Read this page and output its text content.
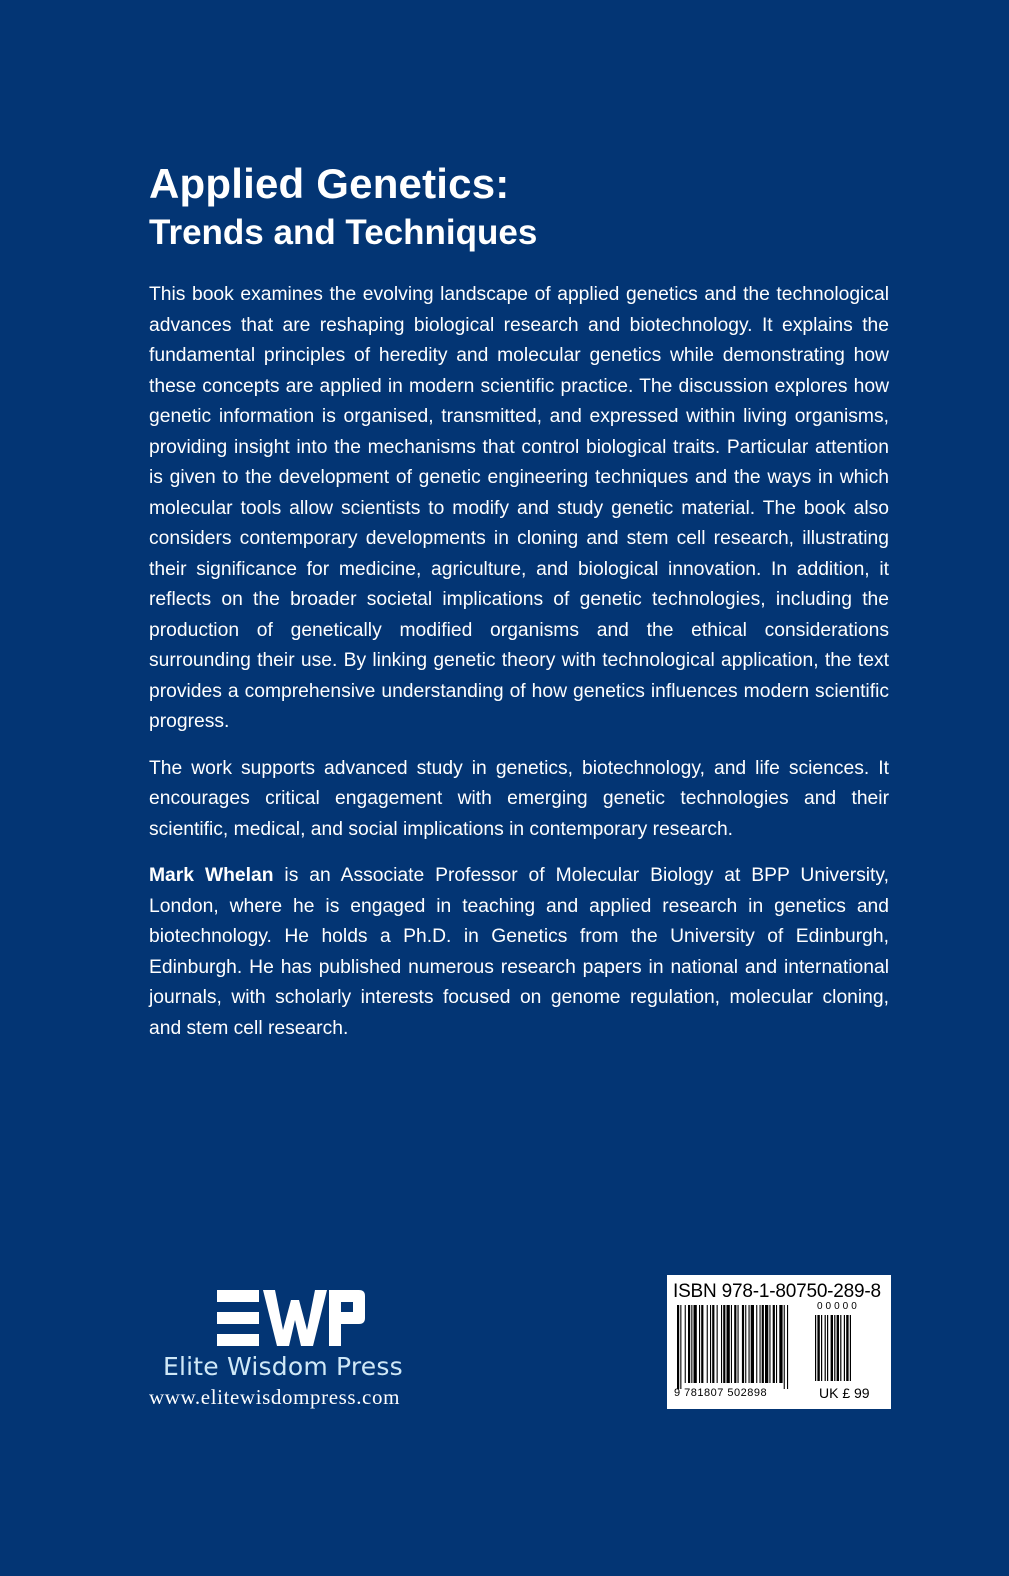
Applied Genetics:
Trends and Techniques

This book examines the evolving landscape of applied genetics and the technological advances that are reshaping biological research and biotechnology. It explains the fundamental principles of heredity and molecular genetics while demonstrating how these concepts are applied in modern scientific practice. The discussion explores how genetic information is organised, transmitted, and expressed within living organisms, providing insight into the mechanisms that control biological traits. Particular attention is given to the development of genetic engineering techniques and the ways in which molecular tools allow scientists to modify and study genetic material. The book also considers contemporary developments in cloning and stem cell research, illustrating their significance for medicine, agriculture, and biological innovation. In addition, it reflects on the broader societal implications of genetic technologies, including the production of genetically modified organisms and the ethical considerations surrounding their use. By linking genetic theory with technological application, the text provides a comprehensive understanding of how genetics influences modern scientific progress.

The work supports advanced study in genetics, biotechnology, and life sciences. It encourages critical engagement with emerging genetic technologies and their scientific, medical, and social implications in contemporary research.

Mark Whelan is an Associate Professor of Molecular Biology at BPP University, London, where he is engaged in teaching and applied research in genetics and biotechnology. He holds a Ph.D. in Genetics from the University of Edinburgh, Edinburgh. He has published numerous research papers in national and international journals, with scholarly interests focused on genome regulation, molecular cloning, and stem cell research.

Elite Wisdom Press
www.elitewisdompress.com
ISBN 978-1-80750-289-8
00000
9 781807 502898	UK £ 99
